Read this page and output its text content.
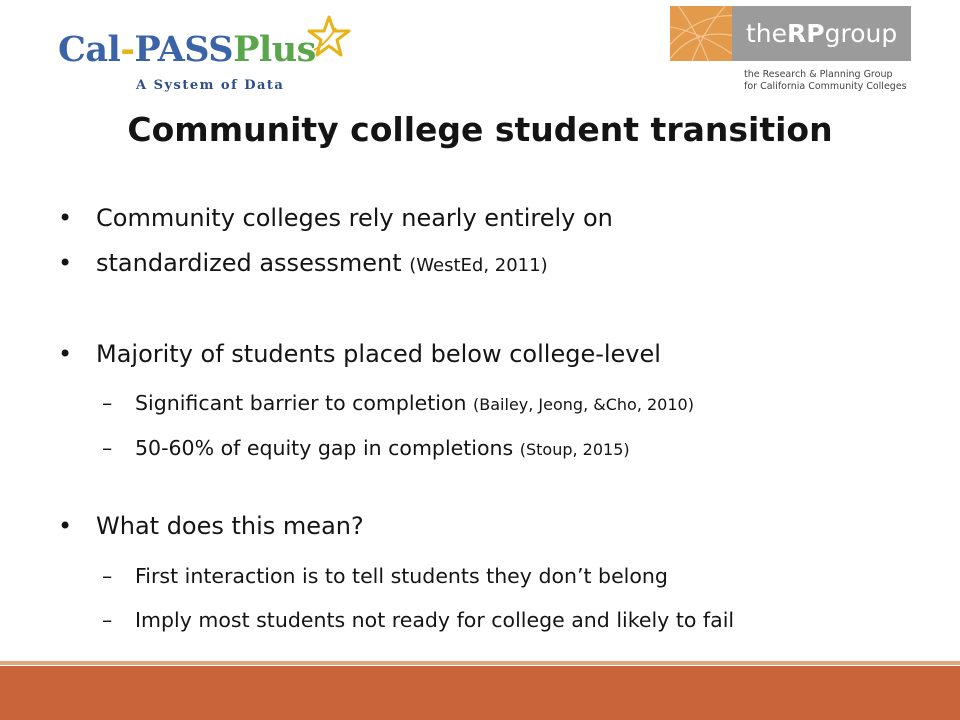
Cal-PASSPlus
A System of Data
the RP group
the Research & Planning Group
for California Community Colleges
Community college student transition
• Community colleges rely nearly entirely on
• standardized assessment (WestEd, 2011)
• Majority of students placed below college-level
– Significant barrier to completion (Bailey, Jeong, &Cho, 2010)
– 50-60% of equity gap in completions (Stoup, 2015)
• What does this mean?
– First interaction is to tell students they don’t belong
– Imply most students not ready for college and likely to fail
